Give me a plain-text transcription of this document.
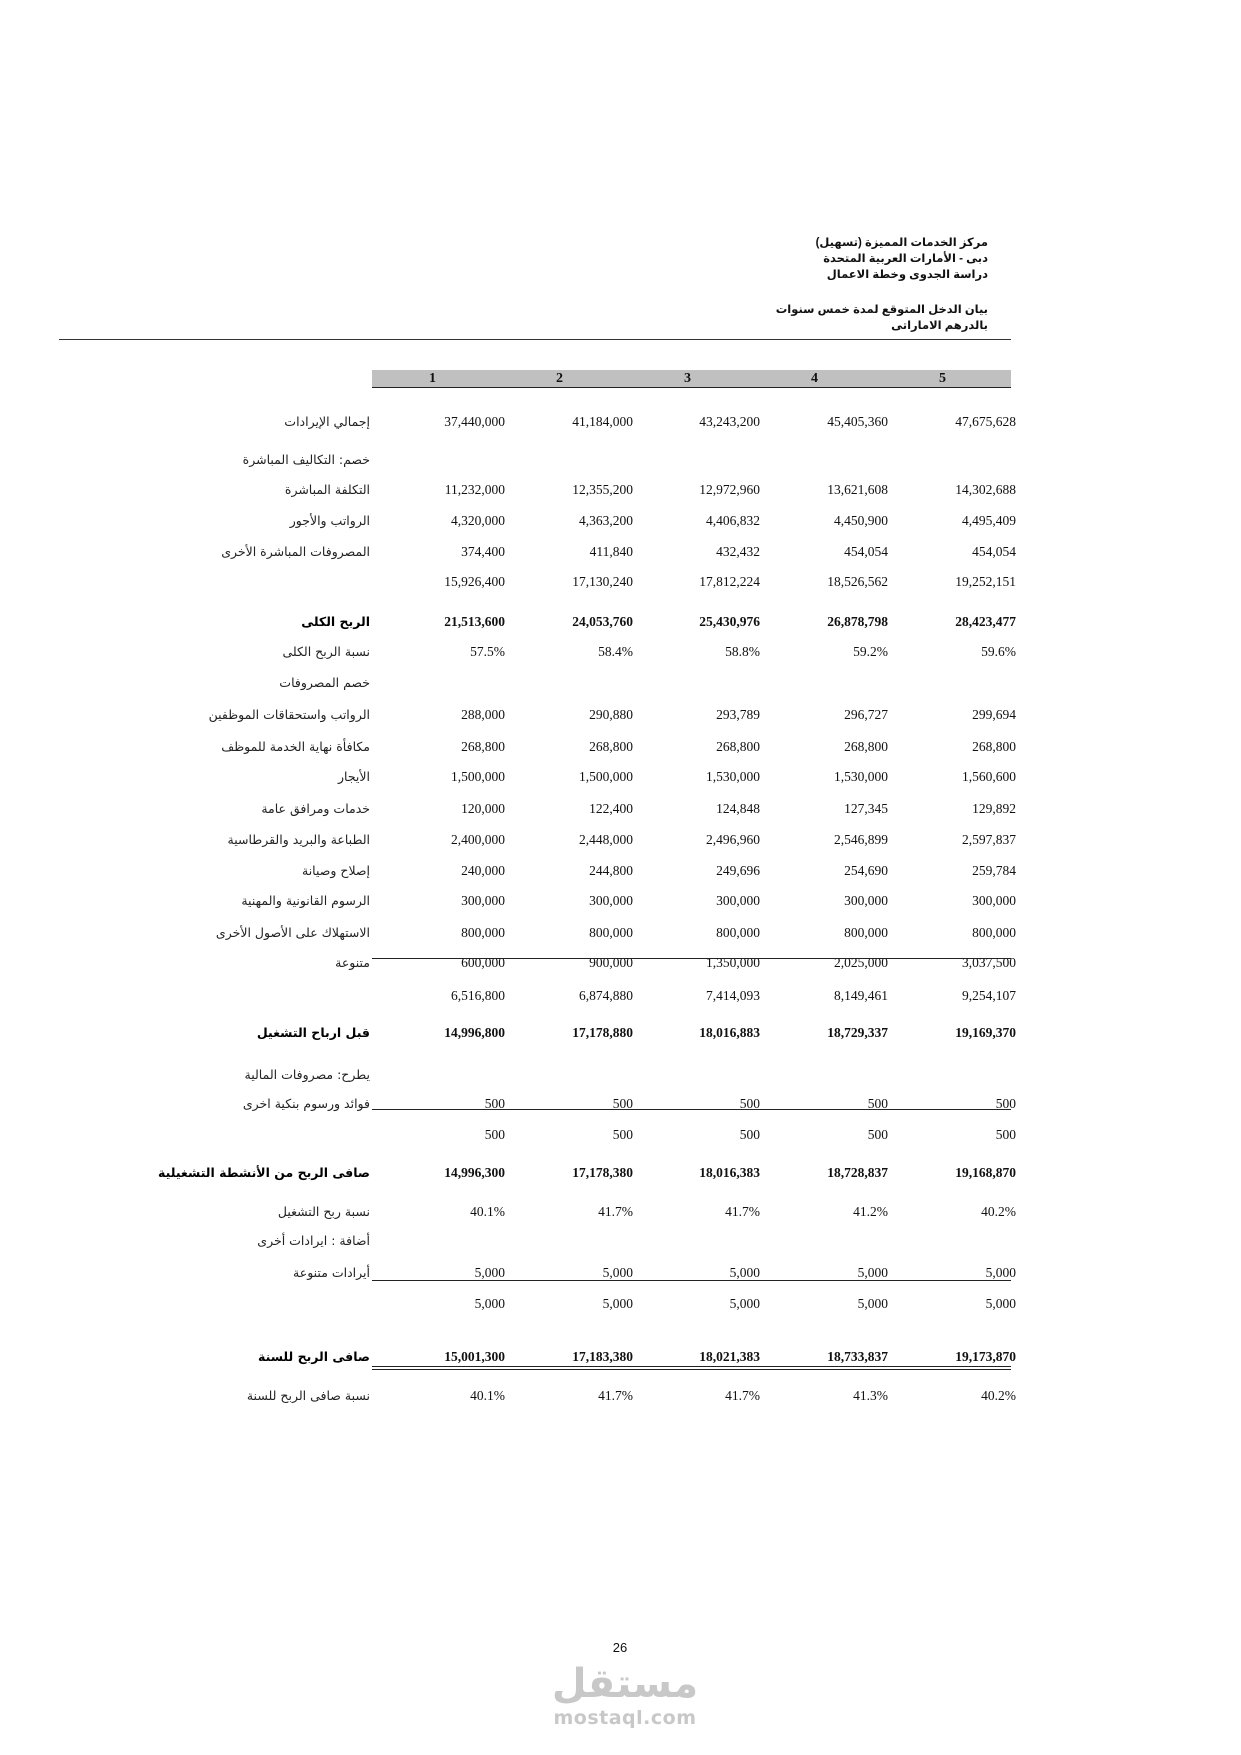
مركز الخدمات المميزة (تسهيل)
دبى - الأمارات العربية المتحدة
دراسة الجدوى وخطة الاعمال
بيان الدخل المتوقع لمدة خمس سنوات
بالدرهم الاماراتى
1	2	3	4	5
إجمالي الإيرادات	37,440,000	41,184,000	43,243,200	45,405,360	47,675,628
خصم: التكاليف المباشرة
التكلفة المباشرة	11,232,000	12,355,200	12,972,960	13,621,608	14,302,688
الرواتب والأجور	4,320,000	4,363,200	4,406,832	4,450,900	4,495,409
المصروفات المباشرة الأخرى	374,400	411,840	432,432	454,054	454,054
15,926,400	17,130,240	17,812,224	18,526,562	19,252,151
الربح الكلى	21,513,600	24,053,760	25,430,976	26,878,798	28,423,477
نسبة الربح الكلى	57.5%	58.4%	58.8%	59.2%	59.6%
خصم المصروفات
الرواتب واستحقاقات الموظفين	288,000	290,880	293,789	296,727	299,694
مكافأة نهاية الخدمة للموظف	268,800	268,800	268,800	268,800	268,800
الأيجار	1,500,000	1,500,000	1,530,000	1,530,000	1,560,600
خدمات ومرافق عامة	120,000	122,400	124,848	127,345	129,892
الطباعة والبريد والقرطاسية	2,400,000	2,448,000	2,496,960	2,546,899	2,597,837
إصلاح وصيانة	240,000	244,800	249,696	254,690	259,784
الرسوم القانونية والمهنية	300,000	300,000	300,000	300,000	300,000
الاستهلاك على الأصول الأخرى	800,000	800,000	800,000	800,000	800,000
متنوعة	600,000	900,000	1,350,000	2,025,000	3,037,500
6,516,800	6,874,880	7,414,093	8,149,461	9,254,107
قبل ارباح التشغيل	14,996,800	17,178,880	18,016,883	18,729,337	19,169,370
يطرح: مصروفات المالية
فوائد ورسوم بنكية اخرى	500	500	500	500	500
500	500	500	500	500
صافى الربح من الأنشطة التشغيلية	14,996,300	17,178,380	18,016,383	18,728,837	19,168,870
نسبة ربح التشغيل	40.1%	41.7%	41.7%	41.2%	40.2%
أضافة : ايرادات أخرى
أيرادات متنوعة	5,000	5,000	5,000	5,000	5,000
5,000	5,000	5,000	5,000	5,000
صافى الربح للسنة	15,001,300	17,183,380	18,021,383	18,733,837	19,173,870
نسبة صافى الربح للسنة	40.1%	41.7%	41.7%	41.3%	40.2%
26
مستقل
mostaql.com
